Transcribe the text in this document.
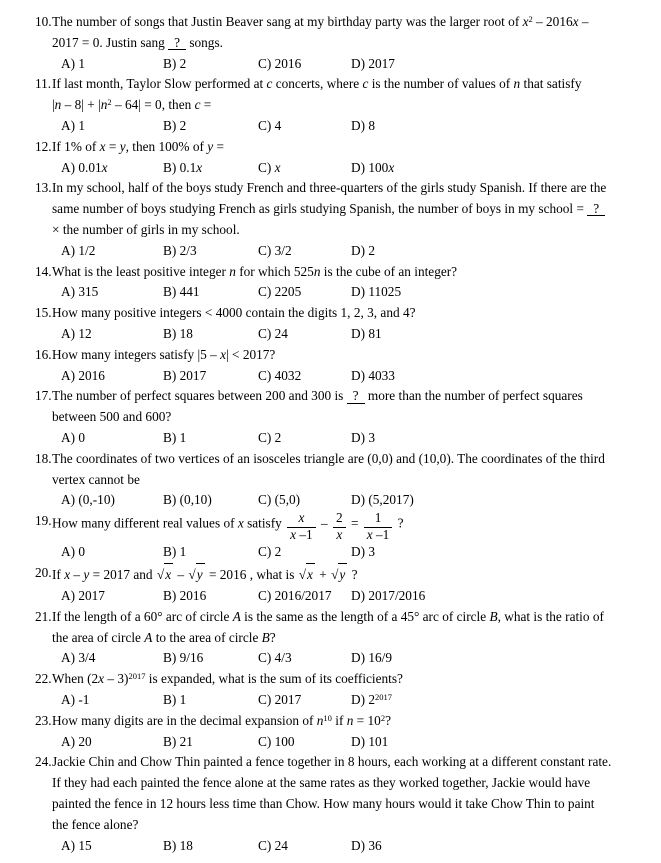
10. The number of songs that Justin Beaver sang at my birthday party was the larger root of $x^2 - 2016x$ –
2017 = 0. Justin sang ? songs.
A) 1	B) 2	C) 2016	D) 2017
11. If last month, Taylor Slow performed at c concerts, where c is the number of values of n that satisfy
$|n - 8| + |n^2 - 64| = 0$, then c =
A) 1	B) 2	C) 4	D) 8
12. If 1% of x = y, then 100% of y =
A) 0.01x	B) 0.1x	C) x	D) 100x
13. In my school, half of the boys study French and three-quarters of the girls study Spanish. If there are the
same number of boys studying French as girls studying Spanish, the number of boys in my school = ?
× the number of girls in my school.
A) 1/2	B) 2/3	C) 3/2	D) 2
14. What is the least positive integer n for which 525n is the cube of an integer?
A) 315	B) 441	C) 2205	D) 11025
15. How many positive integers < 4000 contain the digits 1, 2, 3, and 4?
A) 12	B) 18	C) 24	D) 81
16. How many integers satisfy |5 – x| < 2017?
A) 2016	B) 2017	C) 4032	D) 4033
17. The number of perfect squares between 200 and 300 is ? more than the number of perfect squares
between 500 and 600?
A) 0	B) 1	C) 2	D) 3
18. The coordinates of two vertices of an isosceles triangle are (0,0) and (10,0). The coordinates of the third
vertex cannot be
A) (0,-10)	B) (0,10)	C) (5,0)	D) (5,2017)
19. How many different real values of x satisfy $\frac{x}{x -1} - \frac{2}{x} = \frac{1}{x -1}$ ?
A) 0	B) 1	C) 2	D) 3
20. If x – y = 2017 and √x – √y = 2016 , what is √x + √y ?
A) 2017	B) 2016	C) 2016/2017	D) 2017/2016
21. If the length of a 60° arc of circle A is the same as the length of a 45° arc of circle B, what is the ratio of
the area of circle A to the area of circle B?
A) 3/4	B) 9/16	C) 4/3	D) 16/9
22. When (2x – 3)$^{2017}$ is expanded, what is the sum of its coefficients?
A) -1	B) 1	C) 2017	D) $2^{2017}$
23. How many digits are in the decimal expansion of $n^{10}$ if $n = 10^2$?
A) 20	B) 21	C) 100	D) 101
24. Jackie Chin and Chow Thin painted a fence together in 8 hours, each working at a different constant rate.
If they had each painted the fence alone at the same rates as they worked together, Jackie would have
painted the fence in 12 hours less time than Chow. How many hours would it take Chow Thin to paint
the fence alone?
A) 15	B) 18	C) 24	D) 36
